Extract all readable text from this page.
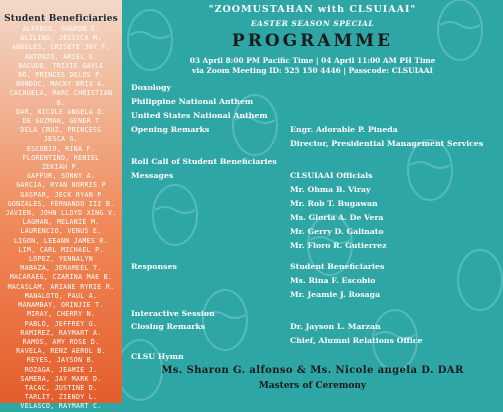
Student Beneficiaries
ALFONSO, SHARON G.
ALILING, JESSICA M.
ANGELES, CRISETE JOY F.
ANTONIO, ARIEL V.
BACUDO, TRIXIE GAYLE
BO, PRINCES DELOS P.
BONDOC, MACKY BRIX A.
CACHUELA, MARC CHRISTIAN
B.
DAR, NICOLE ANGELA D.
DE GUZMAN, GENER T
DELA CRUZ, PRINCESS
JESCA G.
ESCOBIO, RINA F.
FLORENTINO, RENIEL
ZEKIAH P.
GAFFUR, SONNY A.
GARCIA, RYAN NORRIS P
GASPAR, JECK RYAN P
GONZALES, FERNANDO III B.
JAVIEN, JOHN LLOYD XING V.
LAGMAN, MELANIE M.
LAURENCIO, VENUS E.
LIGON, LEEANN JAMES R.
LIM, CARL MICHAEL P.
LOPEZ, YENNALYN
MABAZA, JERAMEEL T.
MACARAEG, CZARINA MAE B.
MACASLAM, ARIANE RYRIE R.
MANALOTO, PAUL A.
MANAMBAY, ORINJIE T.
MIRAY, CHERRY N.
PABLO, JEFFREY G.
RAMIREZ, RAYMART A.
RAMOS, AMY ROSE D.
RAVELA, RENZ AEROL B.
REYES, JAYSON B.
ROZAGA, JEAMIE J.
SAMERA, JAY MARK D.
TACAC, JUSTINE D.
TARLIT, ZIENDY L.
VELASCO, RAYMART C.
"ZOOMUSTAHAN with CLSUIAAI"
EASTER SEASON SPECIAL
PROGRAMME
03 April 8:00 PM Pacific Time | 04 April 11:00 AM PH Time
via Zoom Meeting ID: 525 150 4446 | Passcode: CLSUIAAI
Doxology
Philippine National Anthem
United States National Anthem
Opening Remarks
Roll Call of Student Beneficiaries
Messages
Responses
Interactive Session
Closing Remarks
CLSU Hymn
Engr. Adorable P. Pineda
Director, Presidential Management Services
CLSUIAAI Officials
Mr. Ohma B. Viray
Mr. Rob T. Bugawan
Ms. Gloria A. De Vera
Mr. Gerry D. Galinato
Mr. Floro R. Gutierrez
Student Beneficiaries
Ms. Rina F. Escobio
Mr. Jeamie J. Rosaga
Dr. Jayson L. Marzan
Chief, Alumni Relations Office
Ms. Sharon G. alfonso & Ms. Nicole angela D. DAR
Masters of Ceremony
